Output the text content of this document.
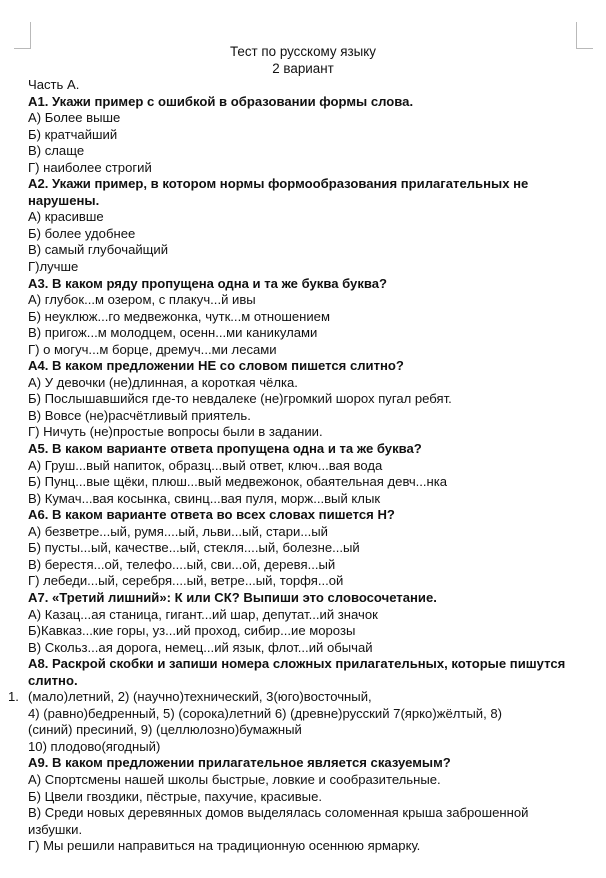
Тест по русскому языку
2 вариант
Часть А.
А1. Укажи пример с ошибкой в образовании формы слова.
А) Более выше
Б) кратчайший
В) слаще
Г) наиболее строгий
А2. Укажи пример, в котором нормы формообразования прилагательных не нарушены.
А) красивше
Б) более удобнее
В) самый глубочайщий
Г)лучше
А3. В каком ряду пропущена одна и та же буква буква?
А) глубок...м озером, с плакуч...й ивы
Б) неуклюж...го медвежонка, чутк...м отношением
В) пригож...м молодцем, осенн...ми каникулами
Г) о могуч...м борце, дремуч...ми лесами
А4. В каком предложении НЕ со словом пишется слитно?
А) У девочки (не)длинная, а короткая чёлка.
Б) Послышавшийся где-то невдалеке (не)громкий шорох пугал ребят.
В) Вовсе (не)расчётливый приятель.
Г) Ничуть (не)простые вопросы были в задании.
А5. В каком варианте ответа пропущена одна и та же буква?
А) Груш...вый напиток, образц...вый ответ, ключ...вая вода
Б) Пунц...вые щёки, плюш...вый медвежонок, обаятельная девч...нка
В) Кумач...вая косынка, свинц...вая пуля, морж...вый клык
А6. В каком варианте ответа во всех словах пишется Н?
А) безветре...ый, румя....ый, льви...ый, стари...ый
Б) пусты...ый, качестве...ый, стекля....ый, болезне...ый
В) берестя...ой, телефо....ый, сви...ой, деревя...ый
Г) лебеди...ый, серебря....ый, ветре...ый, торфя...ой
А7. «Третий лишний»: К или СК? Выпиши это словосочетание.
А) Казац...ая станица, гигант...ий шар, депутат...ий значок
Б)Кавказ...кие горы, уз...ий проход, сибир...ие морозы
В) Скольз...ая дорога, немец...ий язык, флот...ий обычай
А8. Раскрой скобки и запиши номера сложных прилагательных, которые пишутся слитно.
1. (мало)летний, 2) (научно)технический, 3(юго)восточный,
4) (равно)бедренный, 5) (сорока)летний 6) (древне)русский 7(ярко)жёлтый, 8)
(синий) пресиний, 9) (целлюлозно)бумажный
10) плодово(ягодный)
А9. В каком предложении прилагательное является сказуемым?
А) Спортсмены нашей школы быстрые, ловкие и сообразительные.
Б) Цвели гвоздики, пёстрые, пахучие, красивые.
В) Среди новых деревянных домов выделялась соломенная крыша заброшенной избушки.
Г) Мы решили направиться на традиционную осеннюю ярмарку.
